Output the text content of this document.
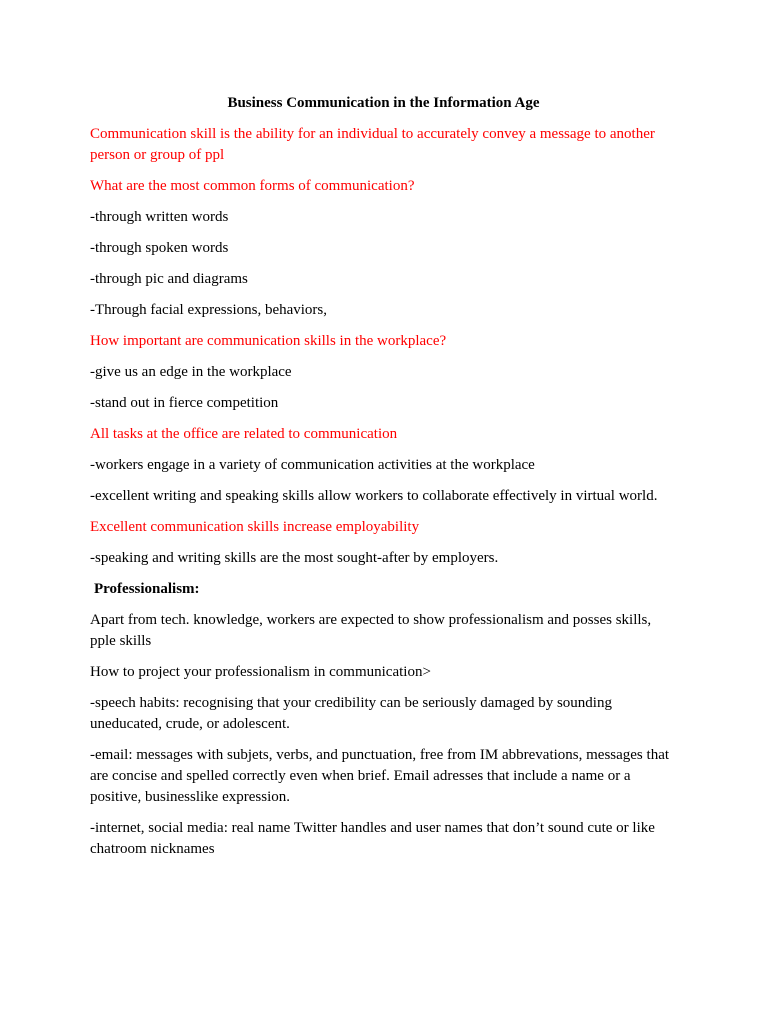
Business Communication in the Information Age

Communication skill is the ability for an individual to accurately convey a message to another person or group of ppl

What are the most common forms of communication?

-through written words

-through spoken words

-through pic and diagrams

-Through facial expressions, behaviors,

How important are communication skills in the workplace?

-give us an edge in the workplace

-stand out in fierce competition

All tasks at the office are related to communication

-workers engage in a variety of communication activities at the workplace

-excellent writing and speaking skills allow workers to collaborate effectively in virtual world.

Excellent communication skills increase employability

-speaking and writing skills are the most sought-after by employers.

Professionalism:

Apart from tech. knowledge, workers are expected to show professionalism and posses skills, pple skills

How to project your professionalism in communication>

-speech habits: recognising that your credibility can be seriously damaged by sounding uneducated, crude, or adolescent.

-email: messages with subjets, verbs, and punctuation, free from IM abbrevations, messages that are concise and spelled correctly even when brief. Email adresses that include a name or a positive, businesslike expression.

-internet, social media: real name Twitter handles and user names that don’t sound cute or like chatroom nicknames
